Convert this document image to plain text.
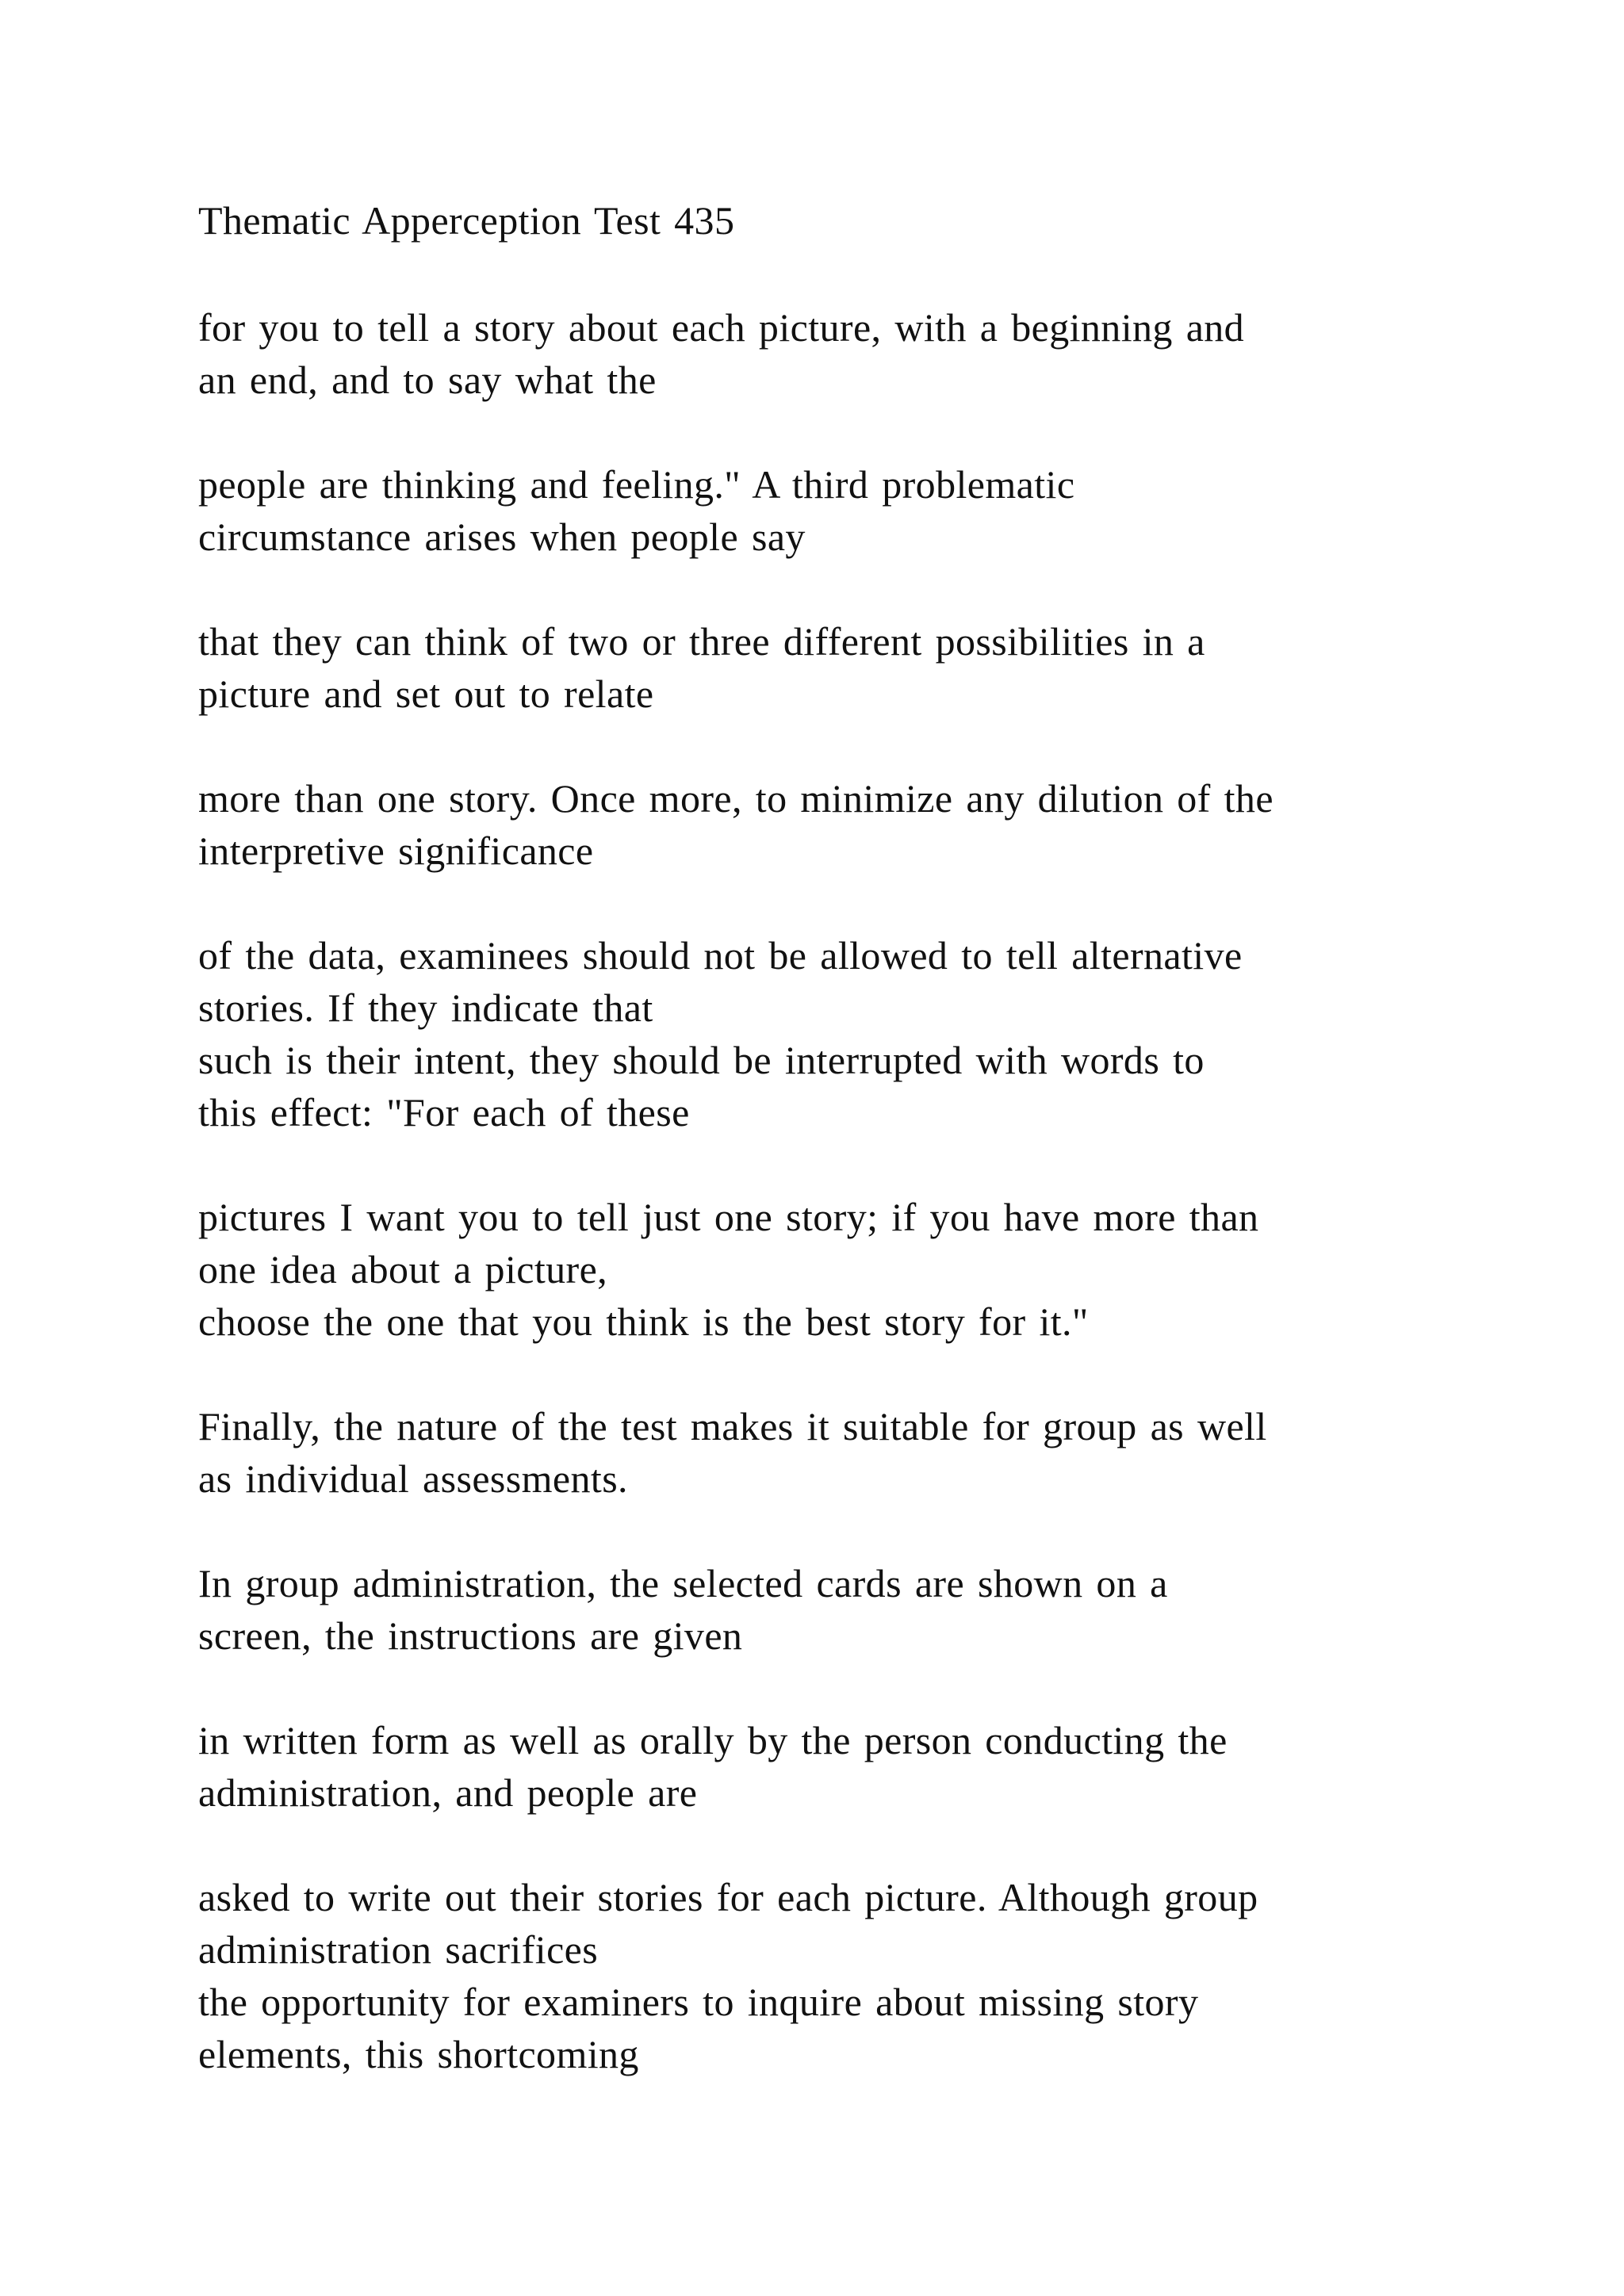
Thematic Apperception Test 435

for you to tell a story about each picture, with a beginning and

an end, and to say what the

people are thinking and feeling." A third problematic

circumstance arises when people say

that they can think of two or three different possibilities in a

picture and set out to relate

more than one story. Once more, to minimize any dilution of the

interpretive significance

of the data, examinees should not be allowed to tell alternative

stories. If they indicate that

such is their intent, they should be interrupted with words to

this effect: "For each of these

pictures I want you to tell just one story; if you have more than

one idea about a picture,

choose the one that you think is the best story for it."

Finally, the nature of the test makes it suitable for group as well

as individual assessments.

In group administration, the selected cards are shown on a

screen, the instructions are given

in written form as well as orally by the person conducting the

administration, and people are

asked to write out their stories for each picture. Although group

administration sacrifices

the opportunity for examiners to inquire about missing story

elements, this shortcoming
